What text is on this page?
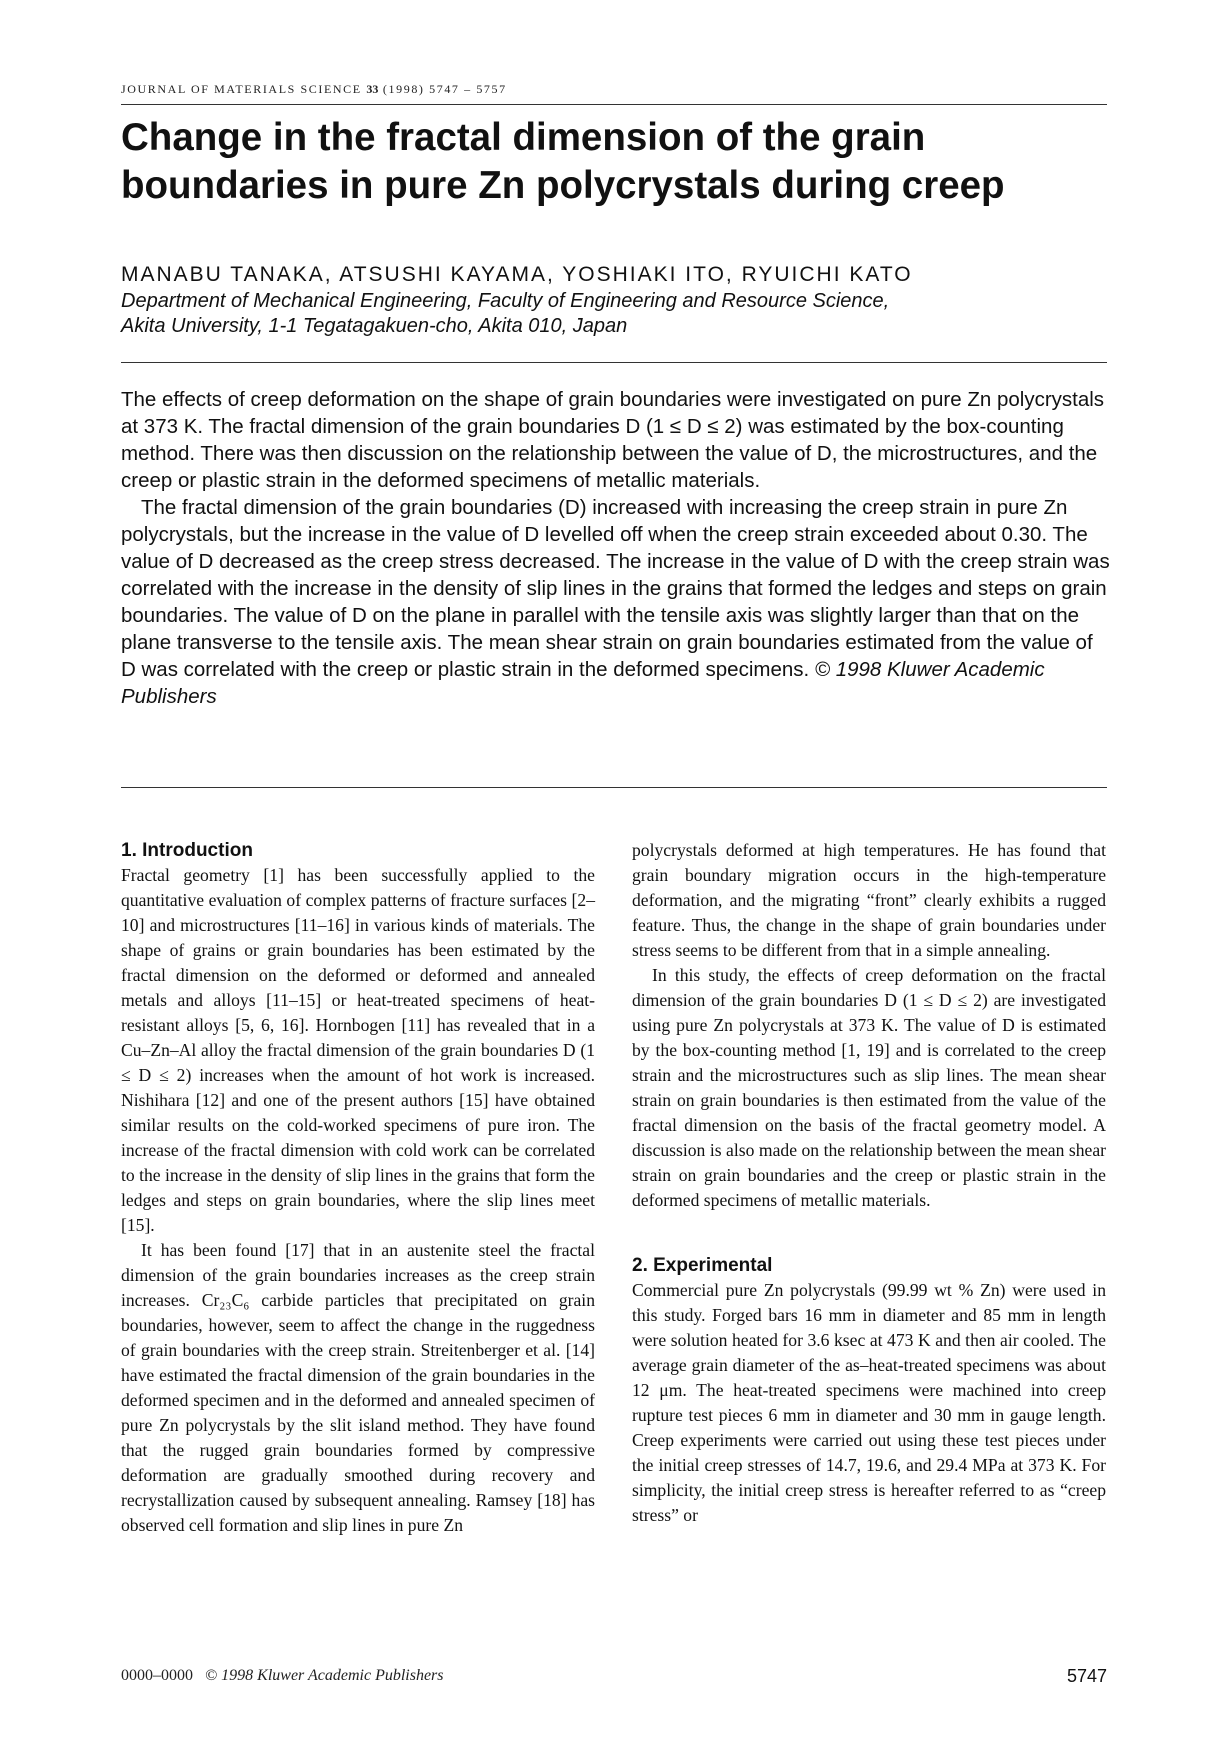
JOURNAL OF MATERIALS SCIENCE 33 (1998) 5747 – 5757
Change in the fractal dimension of the grain boundaries in pure Zn polycrystals during creep
MANABU TANAKA, ATSUSHI KAYAMA, YOSHIAKI ITO, RYUICHI KATO
Department of Mechanical Engineering, Faculty of Engineering and Resource Science,
Akita University, 1-1 Tegatagakuen-cho, Akita 010, Japan

The effects of creep deformation on the shape of grain boundaries were investigated on pure Zn polycrystals at 373 K. The fractal dimension of the grain boundaries D (1 ≤ D ≤ 2) was estimated by the box-counting method. There was then discussion on the relationship between the value of D, the microstructures, and the creep or plastic strain in the deformed specimens of metallic materials.

The fractal dimension of the grain boundaries (D) increased with increasing the creep strain in pure Zn polycrystals, but the increase in the value of D levelled off when the creep strain exceeded about 0.30. The value of D decreased as the creep stress decreased. The increase in the value of D with the creep strain was correlated with the increase in the density of slip lines in the grains that formed the ledges and steps on grain boundaries. The value of D on the plane in parallel with the tensile axis was slightly larger than that on the plane transverse to the tensile axis. The mean shear strain on grain boundaries estimated from the value of D was correlated with the creep or plastic strain in the deformed specimens. © 1998 Kluwer Academic Publishers

1. Introduction

Fractal geometry [1] has been successfully applied to the quantitative evaluation of complex patterns of fracture surfaces [2–10] and microstructures [11–16] in various kinds of materials. The shape of grains or grain boundaries has been estimated by the fractal dimension on the deformed or deformed and annealed metals and alloys [11–15] or heat-treated specimens of heat-resistant alloys [5, 6, 16]. Hornbogen [11] has revealed that in a Cu–Zn–Al alloy the fractal dimension of the grain boundaries D (1 ≤ D ≤ 2) increases when the amount of hot work is increased. Nishihara [12] and one of the present authors [15] have obtained similar results on the cold-worked specimens of pure iron. The increase of the fractal dimension with cold work can be correlated to the increase in the density of slip lines in the grains that form the ledges and steps on grain boundaries, where the slip lines meet [15].

It has been found [17] that in an austenite steel the fractal dimension of the grain boundaries increases as the creep strain increases. Cr₂₃C₆ carbide particles that precipitated on grain boundaries, however, seem to affect the change in the ruggedness of grain boundaries with the creep strain. Streitenberger et al. [14] have estimated the fractal dimension of the grain boundaries in the deformed specimen and in the deformed and annealed specimen of pure Zn polycrystals by the slit island method. They have found that the rugged grain boundaries formed by compressive deformation are gradually smoothed during recovery and recrystallization caused by subsequent annealing. Ramsey [18] has observed cell formation and slip lines in pure Zn

polycrystals deformed at high temperatures. He has found that grain boundary migration occurs in the high-temperature deformation, and the migrating “front” clearly exhibits a rugged feature. Thus, the change in the shape of grain boundaries under stress seems to be different from that in a simple annealing.

In this study, the effects of creep deformation on the fractal dimension of the grain boundaries D (1 ≤ D ≤ 2) are investigated using pure Zn polycrystals at 373 K. The value of D is estimated by the box-counting method [1, 19] and is correlated to the creep strain and the microstructures such as slip lines. The mean shear strain on grain boundaries is then estimated from the value of the fractal dimension on the basis of the fractal geometry model. A discussion is also made on the relationship between the mean shear strain on grain boundaries and the creep or plastic strain in the deformed specimens of metallic materials.

2. Experimental

Commercial pure Zn polycrystals (99.99 wt % Zn) were used in this study. Forged bars 16 mm in diameter and 85 mm in length were solution heated for 3.6 ksec at 473 K and then air cooled. The average grain diameter of the as–heat-treated specimens was about 12 μm. The heat-treated specimens were machined into creep rupture test pieces 6 mm in diameter and 30 mm in gauge length. Creep experiments were carried out using these test pieces under the initial creep stresses of 14.7, 19.6, and 29.4 MPa at 373 K. For simplicity, the initial creep stress is hereafter referred to as “creep stress” or

0000–0000 © 1998 Kluwer Academic Publishers	5747
